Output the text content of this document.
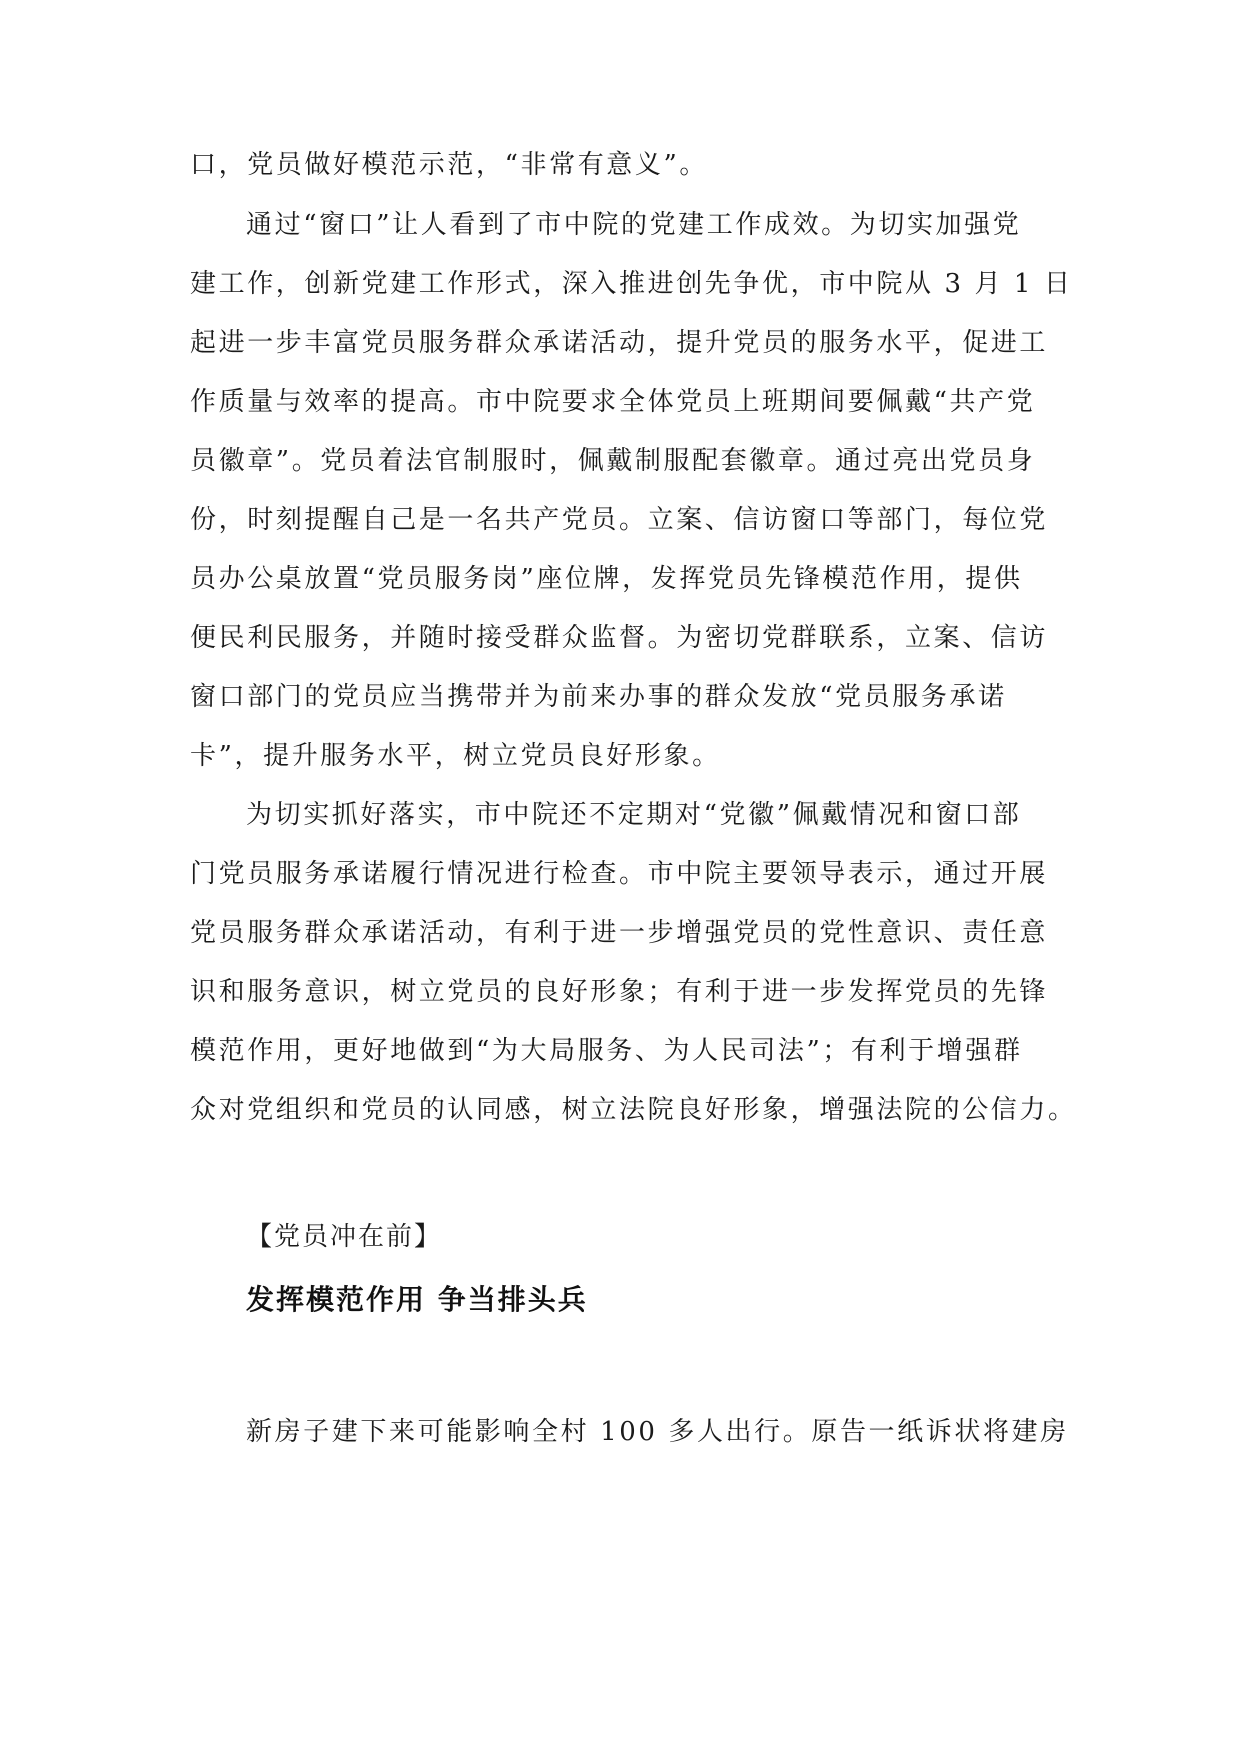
口，党员做好模范示范，“非常有意义”。
通过“窗口”让人看到了市中院的党建工作成效。为切实加强党
建工作，创新党建工作形式，深入推进创先争优，市中院从 3 月 1 日
起进一步丰富党员服务群众承诺活动，提升党员的服务水平，促进工
作质量与效率的提高。市中院要求全体党员上班期间要佩戴“共产党
员徽章”。党员着法官制服时，佩戴制服配套徽章。通过亮出党员身
份，时刻提醒自己是一名共产党员。立案、信访窗口等部门，每位党
员办公桌放置“党员服务岗”座位牌，发挥党员先锋模范作用，提供
便民利民服务，并随时接受群众监督。为密切党群联系，立案、信访
窗口部门的党员应当携带并为前来办事的群众发放“党员服务承诺
卡”，提升服务水平，树立党员良好形象。
为切实抓好落实，市中院还不定期对“党徽”佩戴情况和窗口部
门党员服务承诺履行情况进行检查。市中院主要领导表示，通过开展
党员服务群众承诺活动，有利于进一步增强党员的党性意识、责任意
识和服务意识，树立党员的良好形象；有利于进一步发挥党员的先锋
模范作用，更好地做到“为大局服务、为人民司法”；有利于增强群
众对党组织和党员的认同感，树立法院良好形象，增强法院的公信力。
【党员冲在前】
发挥模范作用 争当排头兵
新房子建下来可能影响全村 100 多人出行。原告一纸诉状将建房
